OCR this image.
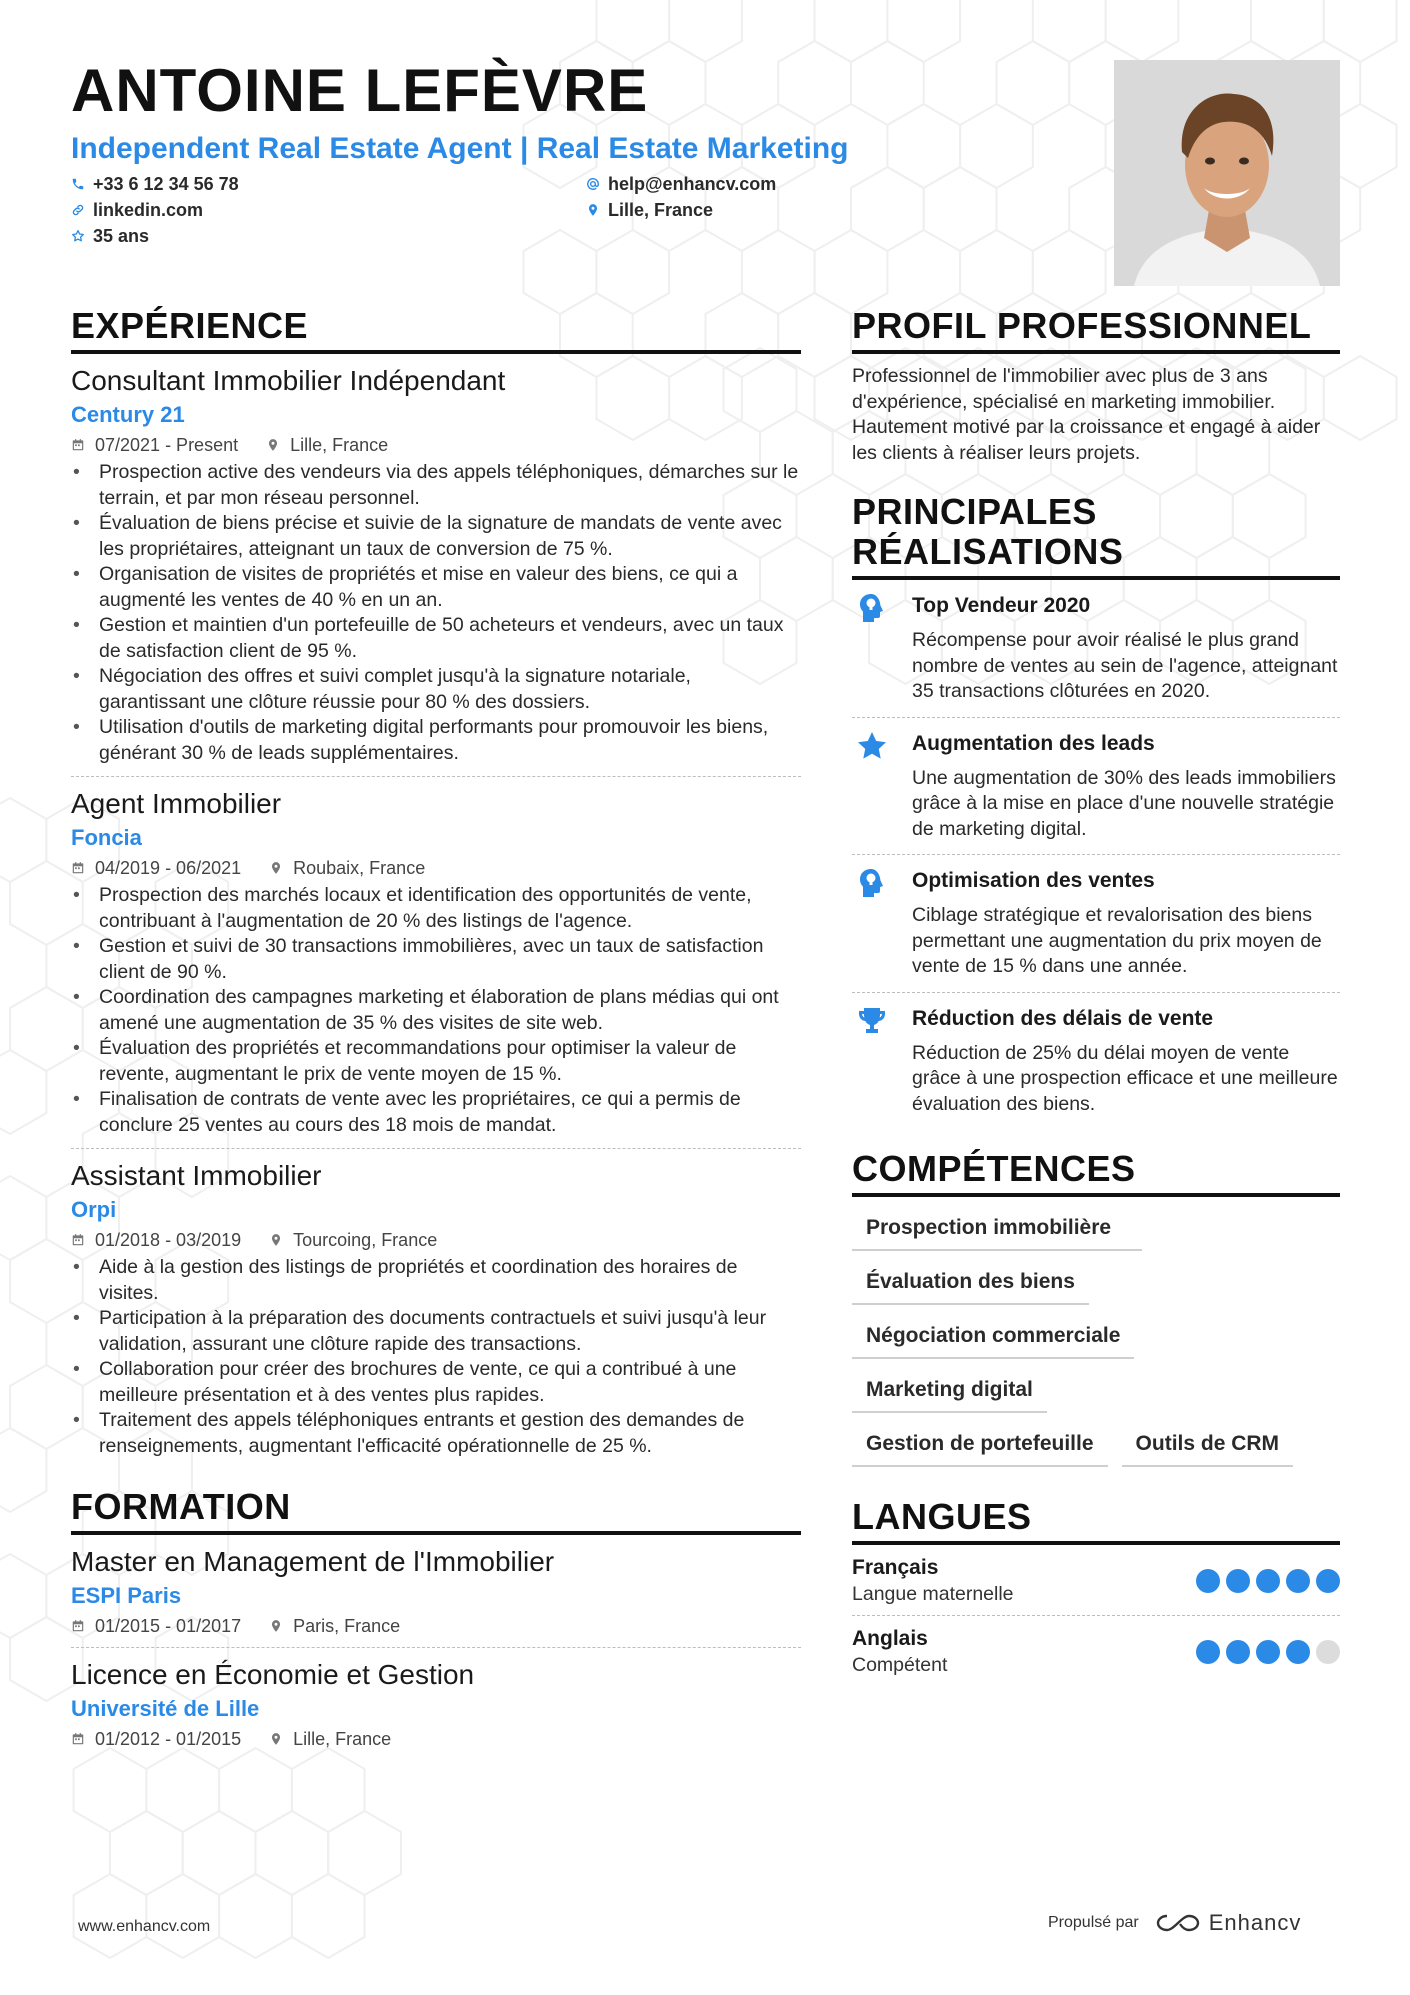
ANTOINE LEFÈVRE
Independent Real Estate Agent | Real Estate Marketing
+33 6 12 34 56 78	help@enhancv.com
linkedin.com	Lille, France
35 ans
EXPÉRIENCE
Consultant Immobilier Indépendant
Century 21
07/2021 - Present	Lille, France
• Prospection active des vendeurs via des appels téléphoniques, démarches sur le terrain, et par mon réseau personnel.
• Évaluation de biens précise et suivie de la signature de mandats de vente avec les propriétaires, atteignant un taux de conversion de 75 %.
• Organisation de visites de propriétés et mise en valeur des biens, ce qui a augmenté les ventes de 40 % en un an.
• Gestion et maintien d'un portefeuille de 50 acheteurs et vendeurs, avec un taux de satisfaction client de 95 %.
• Négociation des offres et suivi complet jusqu'à la signature notariale, garantissant une clôture réussie pour 80 % des dossiers.
• Utilisation d'outils de marketing digital performants pour promouvoir les biens, générant 30 % de leads supplémentaires.
Agent Immobilier
Foncia
04/2019 - 06/2021	Roubaix, France
• Prospection des marchés locaux et identification des opportunités de vente, contribuant à l'augmentation de 20 % des listings de l'agence.
• Gestion et suivi de 30 transactions immobilières, avec un taux de satisfaction client de 90 %.
• Coordination des campagnes marketing et élaboration de plans médias qui ont amené une augmentation de 35 % des visites de site web.
• Évaluation des propriétés et recommandations pour optimiser la valeur de revente, augmentant le prix de vente moyen de 15 %.
• Finalisation de contrats de vente avec les propriétaires, ce qui a permis de conclure 25 ventes au cours des 18 mois de mandat.
Assistant Immobilier
Orpi
01/2018 - 03/2019	Tourcoing, France
• Aide à la gestion des listings de propriétés et coordination des horaires de visites.
• Participation à la préparation des documents contractuels et suivi jusqu'à leur validation, assurant une clôture rapide des transactions.
• Collaboration pour créer des brochures de vente, ce qui a contribué à une meilleure présentation et à des ventes plus rapides.
• Traitement des appels téléphoniques entrants et gestion des demandes de renseignements, augmentant l'efficacité opérationnelle de 25 %.
FORMATION
Master en Management de l'Immobilier
ESPI Paris
01/2015 - 01/2017	Paris, France
Licence en Économie et Gestion
Université de Lille
01/2012 - 01/2015	Lille, France
PROFIL PROFESSIONNEL
Professionnel de l'immobilier avec plus de 3 ans d'expérience, spécialisé en marketing immobilier. Hautement motivé par la croissance et engagé à aider les clients à réaliser leurs projets.
PRINCIPALES RÉALISATIONS
Top Vendeur 2020
Récompense pour avoir réalisé le plus grand nombre de ventes au sein de l'agence, atteignant 35 transactions clôturées en 2020.
Augmentation des leads
Une augmentation de 30% des leads immobiliers grâce à la mise en place d'une nouvelle stratégie de marketing digital.
Optimisation des ventes
Ciblage stratégique et revalorisation des biens permettant une augmentation du prix moyen de vente de 15 % dans une année.
Réduction des délais de vente
Réduction de 25% du délai moyen de vente grâce à une prospection efficace et une meilleure évaluation des biens.
COMPÉTENCES
Prospection immobilière
Évaluation des biens
Négociation commerciale
Marketing digital
Gestion de portefeuille	Outils de CRM
LANGUES
Français
Langue maternelle
Anglais
Compétent
www.enhancv.com	Propulsé par	Enhancv
